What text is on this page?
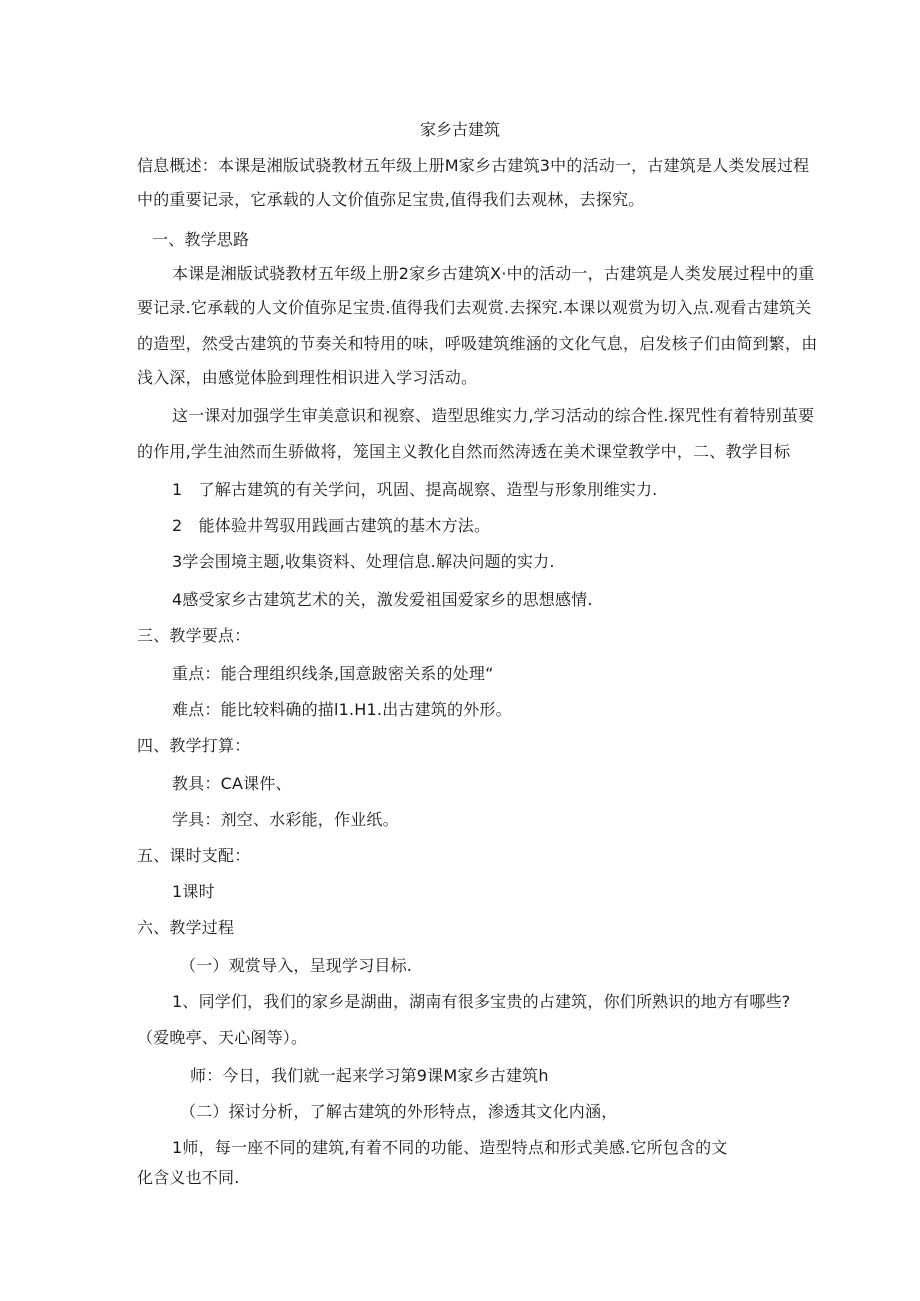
家乡古建筑
信息概述：本课是湘版试骁教材五年级上册M家乡古建筑3中的活动一，古建筑是人类发展过程
中的重要记录，它承载的人文价值弥足宝贵,值得我们去观林，去探究。
一、教学思路
本课是湘版试骁教材五年级上册2家乡古建筑X·中的活动一，古建筑是人类发展过程中的重
要记录.它承载的人文价值弥足宝贵.值得我们去观赏.去探究.本课以观赏为切入点.观看古建筑关
的造型，然受古建筑的节奏关和特用的味，呼吸建筑维涵的文化气息，启发核子们由简到繁，由
浅入深，由感觉体脸到理性相识进入学习活动。
这一课对加强学生审美意识和视察、造型思维实力,学习活动的综合性.探咒性有着特别茧要
的作用,学生油然而生骄做将，笼国主义教化自然而然涛透在美术课堂教学中，二、教学目标
1　了解古建筑的有关学问，巩固、提高觇察、造型与形象刖维实力.
2　能体验井驾驭用践画古建筑的基木方法。
3学会围境主题,收集资料、处理信息.解决问题的实力.
4感受家乡古建筑艺术的关，激发爱祖国爱家乡的思想感情.
三、教学要点：
重点：能合理组织线条,国意跛密关系的处理“
难点：能比较料确的描l1.H1.出古建筑的外形。
四、教学打算：
教具：CA课件、
学具：剂空、水彩能，作业纸。
五、课时支配：
1课时
六、教学过程
（一）观赏导入，呈现学习目标.
1、同学们，我们的家乡是湖曲，湖南有很多宝贵的占建筑，你们所熟识的地方有哪些?
（爱晚亭、天心阁等）。
师：今日，我们就一起来学习第9课M家乡古建筑h
（二）探讨分析，了解古建筑的外形特点，渗透其文化内涵，
1师，每一座不同的建筑,有着不同的功能、造型特点和形式美感.它所包含的文
化含义也不同.
